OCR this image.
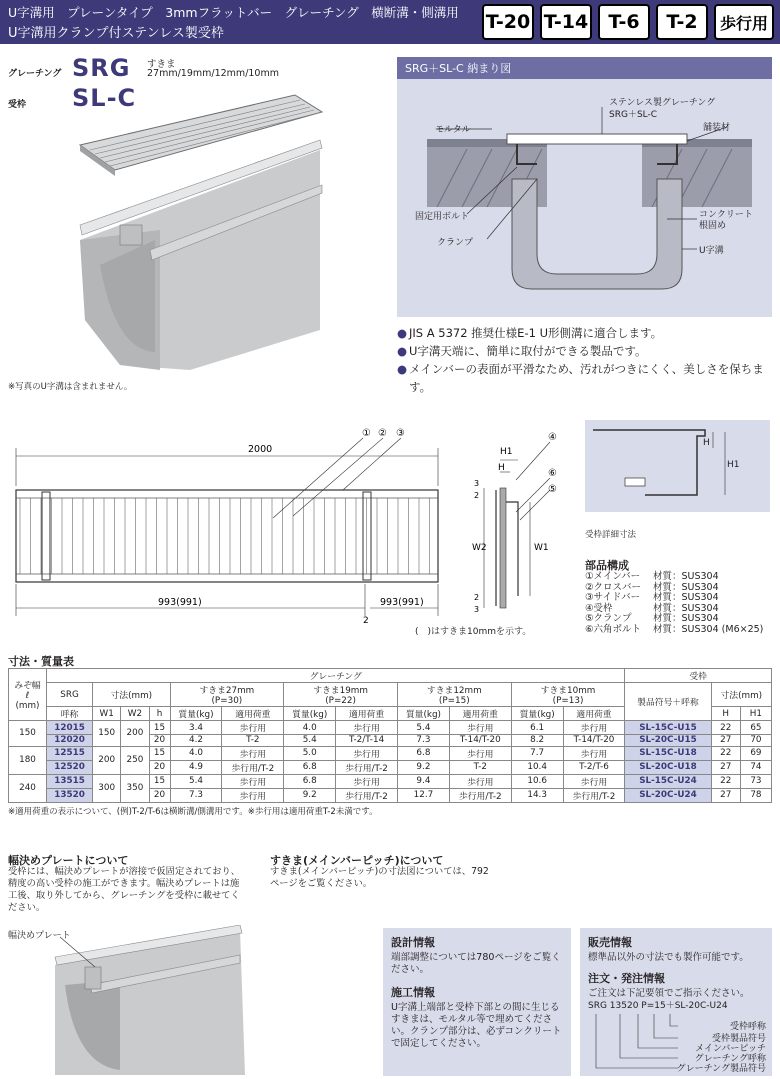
U字溝用　プレーンタイプ　3mmフラットバー　グレーチング　横断溝・側溝用
U字溝用クランプ付ステンレス製受枠
T-20 T-14	T-6	T-2	歩行用
グレーチング SRG すきま
27mm/19mm/12mm/10mm
受枠 SL-C
※写真のU字溝は含まれません。
SRG＋SL-C 納まり図
ステンレス製グレーチング
SRG＋SL-C
モルタル	舗装材
固定用ボルト
クランプ
コンクリート
根固め
U字溝
● JIS A 5372 推奨仕様E-1 U形側溝に適合します。
● U字溝天端に、簡単に取付ができる製品です。
● メインバーの表面が平滑なため、汚れがつきにくく、美しさを保ちます。
① ② ③
2000
993(991)	993(991)
2
H1
H
W2	W1
2
3
2
3
④
⑥
⑤
(　)はすきま10mmを示す。
H
H1
受枠詳細寸法
部品構成
①メインバー 材質：SUS304
②クロスバー 材質：SUS304
③サイドバー 材質：SUS304
④受枠	材質：SUS304
⑤クランプ 材質：SUS304
⑥六角ボルト 材質：SUS304 (M6×25)
寸法・質量表
みぞ幅
ℓ
(mm)	グレーチング												受枠		
	SRG	寸法(mm)			すきま27mm
(P=30)		すきま19mm
(P=22)		すきま12mm
(P=15)		すきま10mm
(P=13)		製品符号＋呼称	寸法(mm)	
	呼称	W1	W2	h	質量(kg)	適用荷重	質量(kg)	適用荷重	質量(kg)	適用荷重	質量(kg)	適用荷重		H	H1
150	12015	150	200	15	3.4	歩行用	4.0	歩行用	5.4	歩行用	6.1	歩行用	SL-15C-U15	22	65
	12020			20	4.2	T-2	5.4	T-2/T-14	7.3	T-14/T-20	8.2	T-14/T-20	SL-20C-U15	27	70
180	12515	200	250	15	4.0	歩行用	5.0	歩行用	6.8	歩行用	7.7	歩行用	SL-15C-U18	22	69
	12520			20	4.9	歩行用/T-2	6.8	歩行用/T-2	9.2	T-2	10.4	T-2/T-6	SL-20C-U18	27	74
240	13515	300	350	15	5.4	歩行用	6.8	歩行用	9.4	歩行用	10.6	歩行用	SL-15C-U24	22	73
	13520			20	7.3	歩行用	9.2	歩行用/T-2	12.7	歩行用/T-2	14.3	歩行用/T-2	SL-20C-U24	27	78
※適用荷重の表示について、(例)T-2/T-6は横断溝/側溝用です。※歩行用は適用荷重T-2未満です。
幅決めプレートについて
受枠には、幅決めプレートが溶接で仮固定されており、精度の高い受枠の施工ができます。幅決めプレートは施工後、取り外してから、グレーチングを受枠に載せてください。
幅決めプレート
すきま(メインバーピッチ)について
すきま(メインバーピッチ)の寸法図については、792ページをご覧ください。
設計情報
端部調整については780ページをご覧ください。
施工情報
U字溝上端部と受枠下部との間に生じるすきまは、モルタル等で埋めてください。クランプ部分は、必ずコンクリートで固定してください。
販売情報
標準品以外の寸法でも製作可能です。
注文・発注情報
ご注文は下記要領でご指示ください。
SRG 13520 P=15＋SL-20C-U24
受枠呼称
受枠製品符号
メインバーピッチ
グレーチング呼称
グレーチング製品符号
